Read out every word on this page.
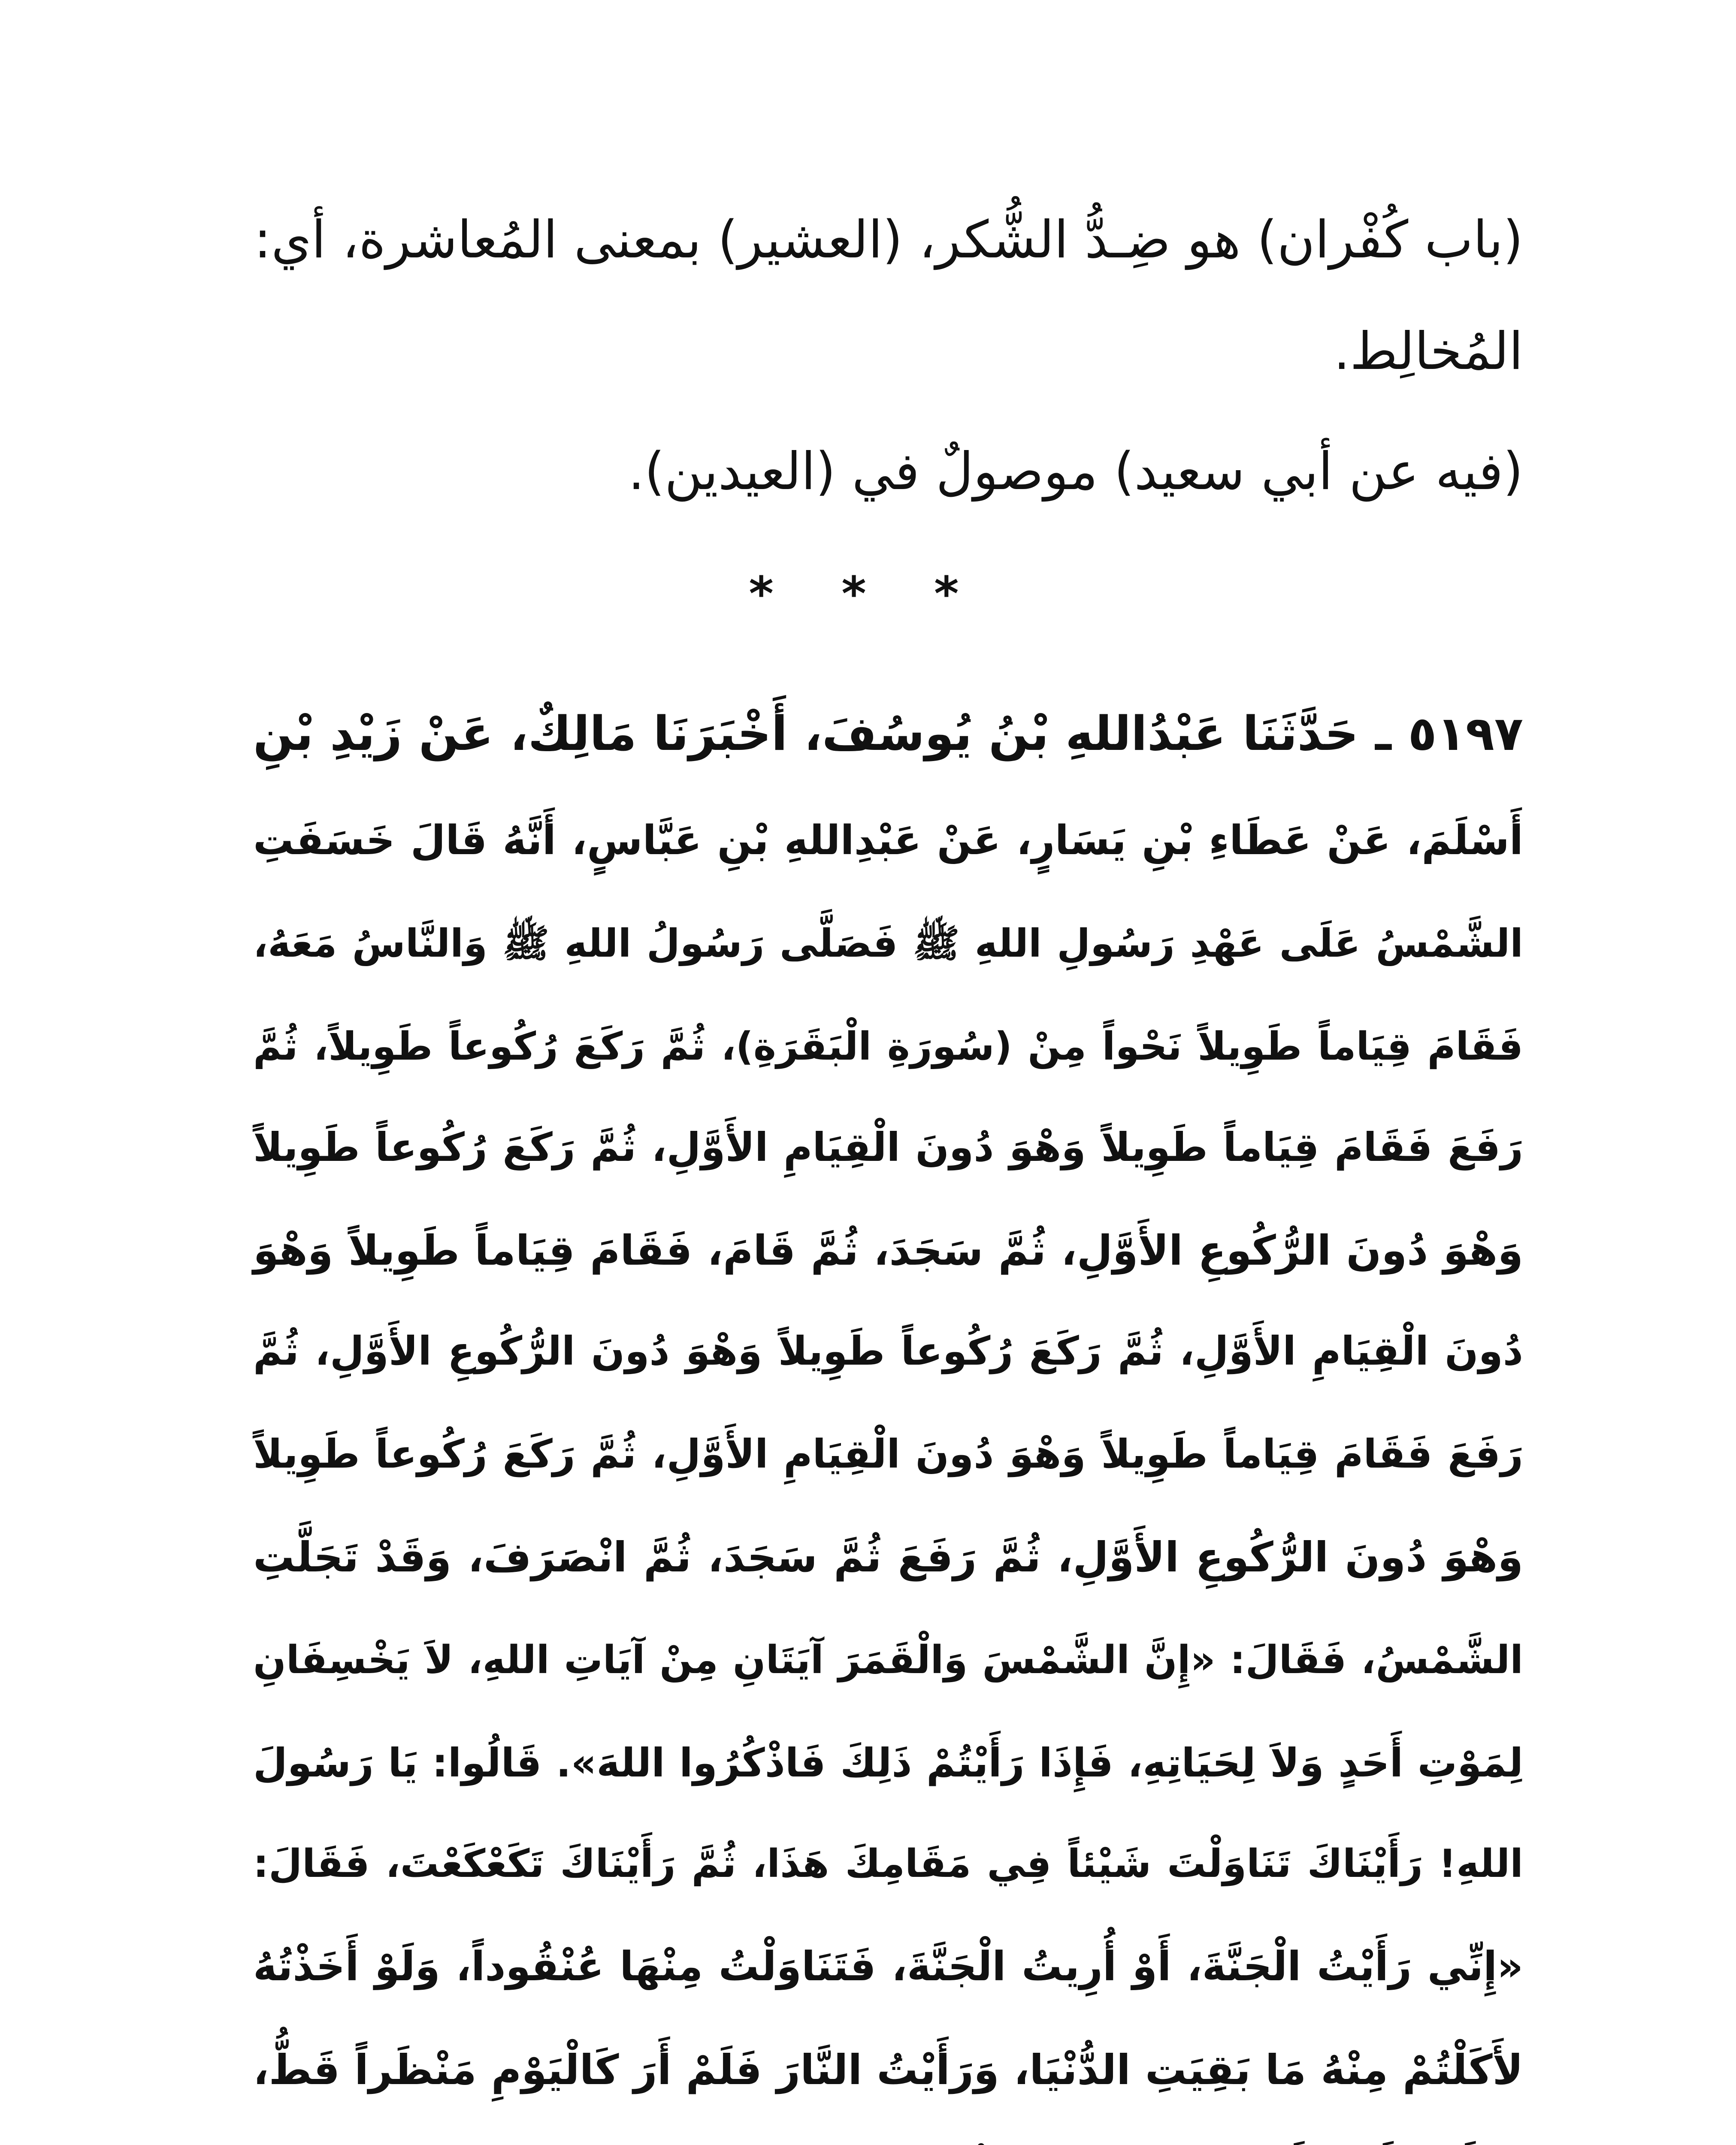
(باب كُفْران) هو ضِـدُّ الشُّكر، (العشير) بمعنى المُعاشرة، أي:
المُخالِط.
(فيه عن أبي سعيد) موصولٌ في (العيدين).
* * *
٥١٩٧ ـ حَدَّثَنَا عَبْدُاللهِ بْنُ يُوسُفَ، أَخْبَرَنَا مَالِكٌ، عَنْ زَيْدِ بْنِ
أَسْلَمَ، عَنْ عَطَاءِ بْنِ يَسَارٍ، عَنْ عَبْدِاللهِ بْنِ عَبَّاسٍ، أَنَّهُ قَالَ خَسَفَتِ
الشَّمْسُ عَلَى عَهْدِ رَسُولِ اللهِ ﷺ فَصَلَّى رَسُولُ اللهِ ﷺ وَالنَّاسُ مَعَهُ،
فَقَامَ قِيَاماً طَوِيلاً نَحْواً مِنْ (سُورَةِ الْبَقَرَةِ)، ثُمَّ رَكَعَ رُكُوعاً طَوِيلاً، ثُمَّ
رَفَعَ فَقَامَ قِيَاماً طَوِيلاً وَهْوَ دُونَ الْقِيَامِ الأَوَّلِ، ثُمَّ رَكَعَ رُكُوعاً طَوِيلاً
وَهْوَ دُونَ الرُّكُوعِ الأَوَّلِ، ثُمَّ سَجَدَ، ثُمَّ قَامَ، فَقَامَ قِيَاماً طَوِيلاً وَهْوَ
دُونَ الْقِيَامِ الأَوَّلِ، ثُمَّ رَكَعَ رُكُوعاً طَوِيلاً وَهْوَ دُونَ الرُّكُوعِ الأَوَّلِ، ثُمَّ
رَفَعَ فَقَامَ قِيَاماً طَوِيلاً وَهْوَ دُونَ الْقِيَامِ الأَوَّلِ، ثُمَّ رَكَعَ رُكُوعاً طَوِيلاً
وَهْوَ دُونَ الرُّكُوعِ الأَوَّلِ، ثُمَّ رَفَعَ ثُمَّ سَجَدَ، ثُمَّ انْصَرَفَ، وَقَدْ تَجَلَّتِ
الشَّمْسُ، فَقَالَ: «إِنَّ الشَّمْسَ وَالْقَمَرَ آيَتَانِ مِنْ آيَاتِ اللهِ، لاَ يَخْسِفَانِ
لِمَوْتِ أَحَدٍ وَلاَ لِحَيَاتِهِ، فَإِذَا رَأَيْتُمْ ذَلِكَ فَاذْكُرُوا اللهَ». قَالُوا: يَا رَسُولَ
اللهِ! رَأَيْنَاكَ تَنَاوَلْتَ شَيْئاً فِي مَقَامِكَ هَذَا، ثُمَّ رَأَيْنَاكَ تَكَعْكَعْتَ، فَقَالَ:
«إِنِّي رَأَيْتُ الْجَنَّةَ، أَوْ أُرِيتُ الْجَنَّةَ، فَتَنَاوَلْتُ مِنْهَا عُنْقُوداً، وَلَوْ أَخَذْتُهُ
لأَكَلْتُمْ مِنْهُ مَا بَقِيَتِ الدُّنْيَا، وَرَأَيْتُ النَّارَ فَلَمْ أَرَ كَالْيَوْمِ مَنْظَراً قَطُّ،
